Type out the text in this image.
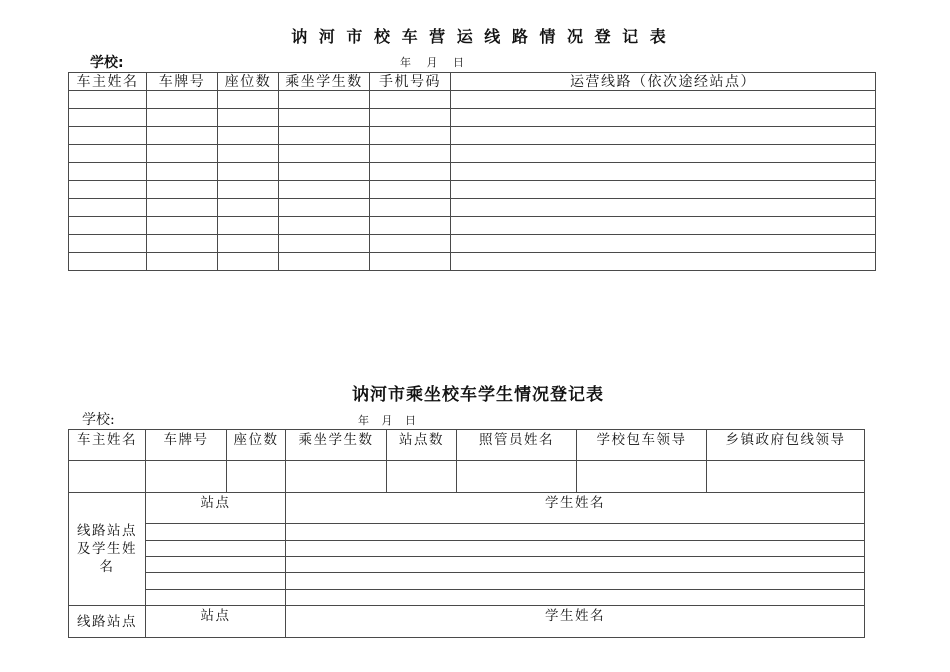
讷 河 市 校 车 营 运 线 路 情 况 登 记 表
学校:	年 月 日
车主姓名	车牌号	座位数	乘坐学生数	手机号码	运营线路（依次途经站点）

讷河市乘坐校车学生情况登记表
学校:	年 月 日
车主姓名	车牌号	座位数	乘坐学生数	站点数	照管员姓名	学校包车领导	乡镇政府包线领导

线路站点及学生姓名	站点		学生姓名				

线路站点	站点		学生姓名				
